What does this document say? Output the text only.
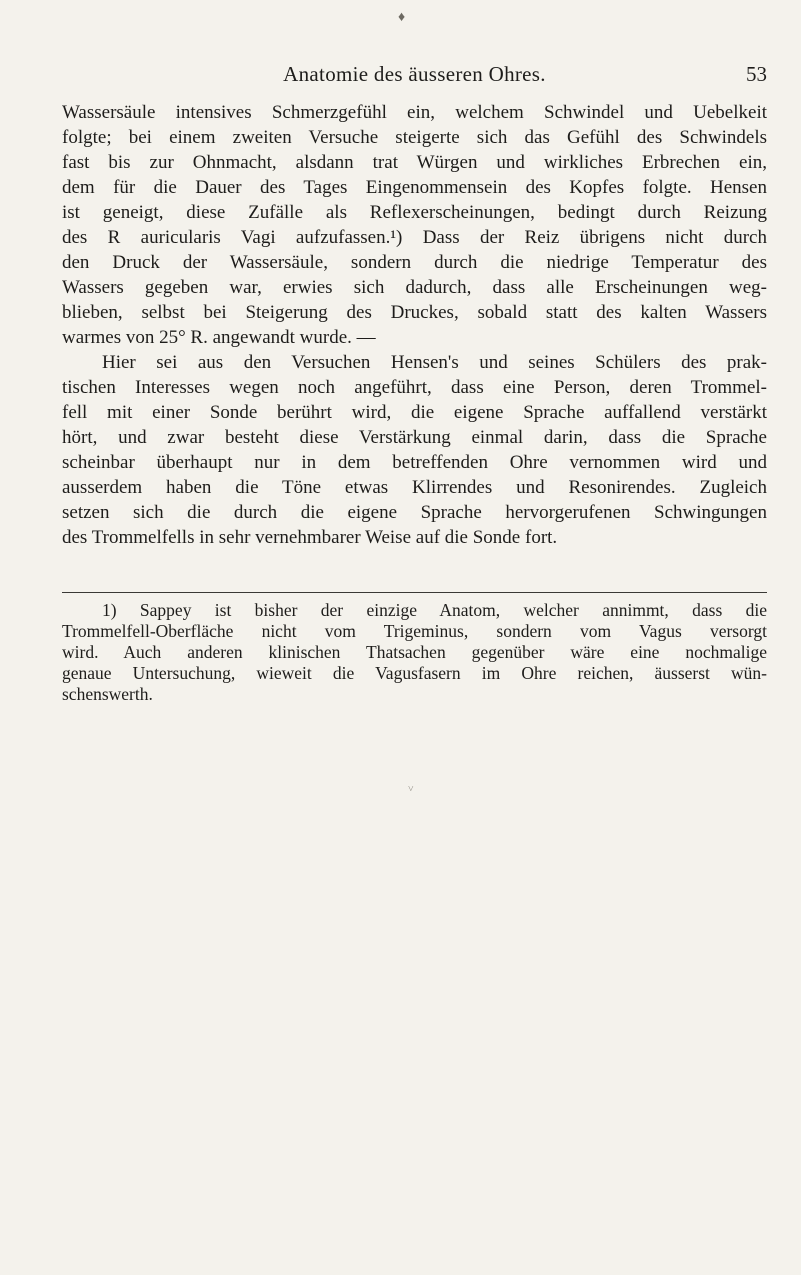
♦
Anatomie des äusseren Ohres.	53
Wassersäule intensives Schmerzgefühl ein, welchem Schwindel und Uebelkeit
folgte; bei einem zweiten Versuche steigerte sich das Gefühl des Schwindels
fast bis zur Ohnmacht, alsdann trat Würgen und wirkliches Erbrechen ein,
dem für die Dauer des Tages Eingenommensein des Kopfes folgte. Hensen
ist geneigt, diese Zufälle als Reflexerscheinungen, bedingt durch Reizung
des R auricularis Vagi aufzufassen.¹) Dass der Reiz übrigens nicht durch
den Druck der Wassersäule, sondern durch die niedrige Temperatur des
Wassers gegeben war, erwies sich dadurch, dass alle Erscheinungen weg-
blieben, selbst bei Steigerung des Druckes, sobald statt des kalten Wassers
warmes von 25° R. angewandt wurde. —
Hier sei aus den Versuchen Hensen's und seines Schülers des prak-
tischen Interesses wegen noch angeführt, dass eine Person, deren Trommel-
fell mit einer Sonde berührt wird, die eigene Sprache auffallend verstärkt
hört, und zwar besteht diese Verstärkung einmal darin, dass die Sprache
scheinbar überhaupt nur in dem betreffenden Ohre vernommen wird und
ausserdem haben die Töne etwas Klirrendes und Resonirendes. Zugleich
setzen sich die durch die eigene Sprache hervorgerufenen Schwingungen
des Trommelfells in sehr vernehmbarer Weise auf die Sonde fort.
1) Sappey ist bisher der einzige Anatom, welcher annimmt, dass die
Trommelfell-Oberfläche nicht vom Trigeminus, sondern vom Vagus versorgt
wird. Auch anderen klinischen Thatsachen gegenüber wäre eine nochmalige
genaue Untersuchung, wieweit die Vagusfasern im Ohre reichen, äusserst wün-
schenswerth.
˅
